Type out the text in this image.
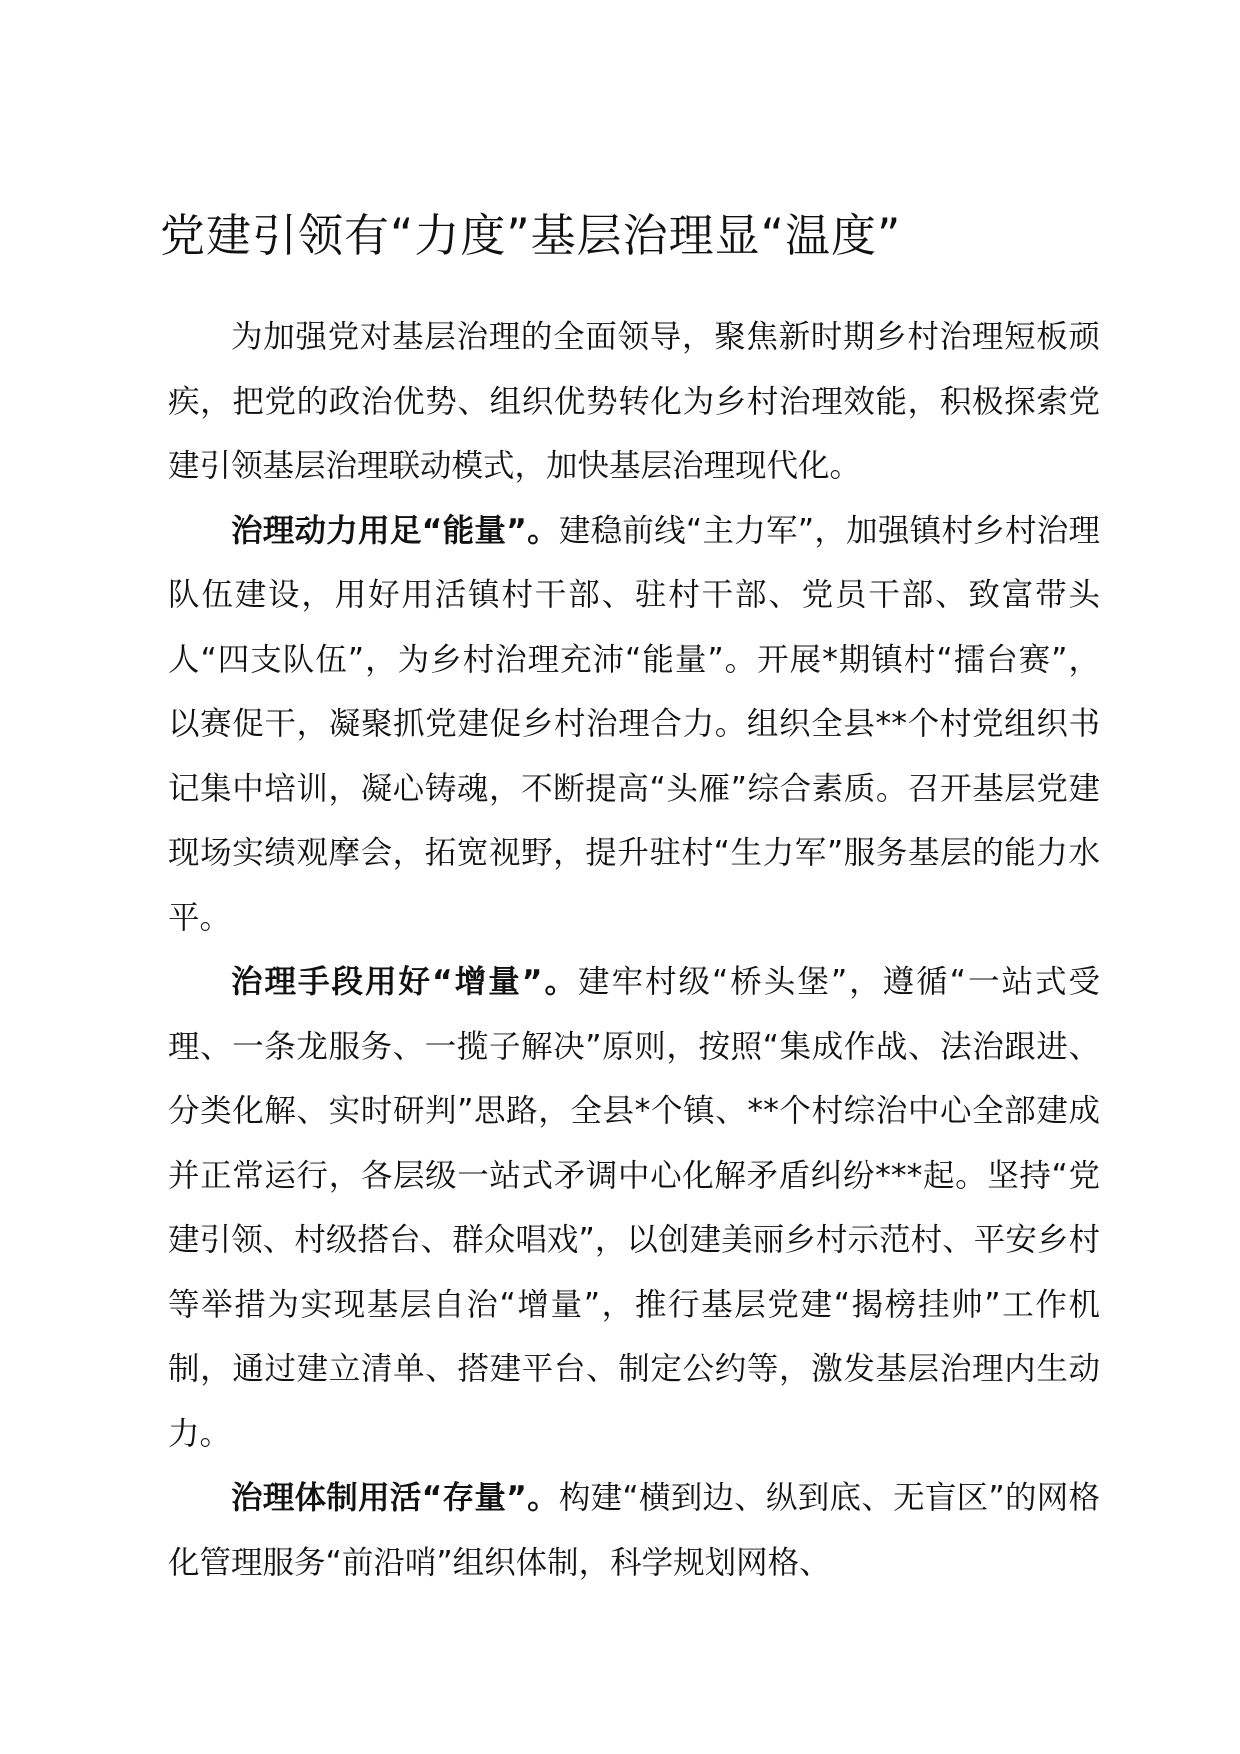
党建引领有“力度”基层治理显“温度”

为加强党对基层治理的全面领导，聚焦新时期乡村治理短板顽疾，把党的政治优势、组织优势转化为乡村治理效能，积极探索党建引领基层治理联动模式，加快基层治理现代化。

治理动力用足“能量”。建稳前线“主力军”，加强镇村乡村治理队伍建设，用好用活镇村干部、驻村干部、党员干部、致富带头人“四支队伍”，为乡村治理充沛“能量”。开展*期镇村“擂台赛”，以赛促干，凝聚抓党建促乡村治理合力。组织全县**个村党组织书记集中培训，凝心铸魂，不断提高“头雁”综合素质。召开基层党建现场实绩观摩会，拓宽视野，提升驻村“生力军”服务基层的能力水平。

治理手段用好“增量”。建牢村级“桥头堡”，遵循“一站式受理、一条龙服务、一揽子解决”原则，按照“集成作战、法治跟进、分类化解、实时研判”思路，全县*个镇、**个村综治中心全部建成并正常运行，各层级一站式矛调中心化解矛盾纠纷***起。坚持“党建引领、村级搭台、群众唱戏”，以创建美丽乡村示范村、平安乡村等举措为实现基层自治“增量”，推行基层党建“揭榜挂帅”工作机制，通过建立清单、搭建平台、制定公约等，激发基层治理内生动力。

治理体制用活“存量”。构建“横到边、纵到底、无盲区”的网格化管理服务“前沿哨”组织体制，科学规划网格、
